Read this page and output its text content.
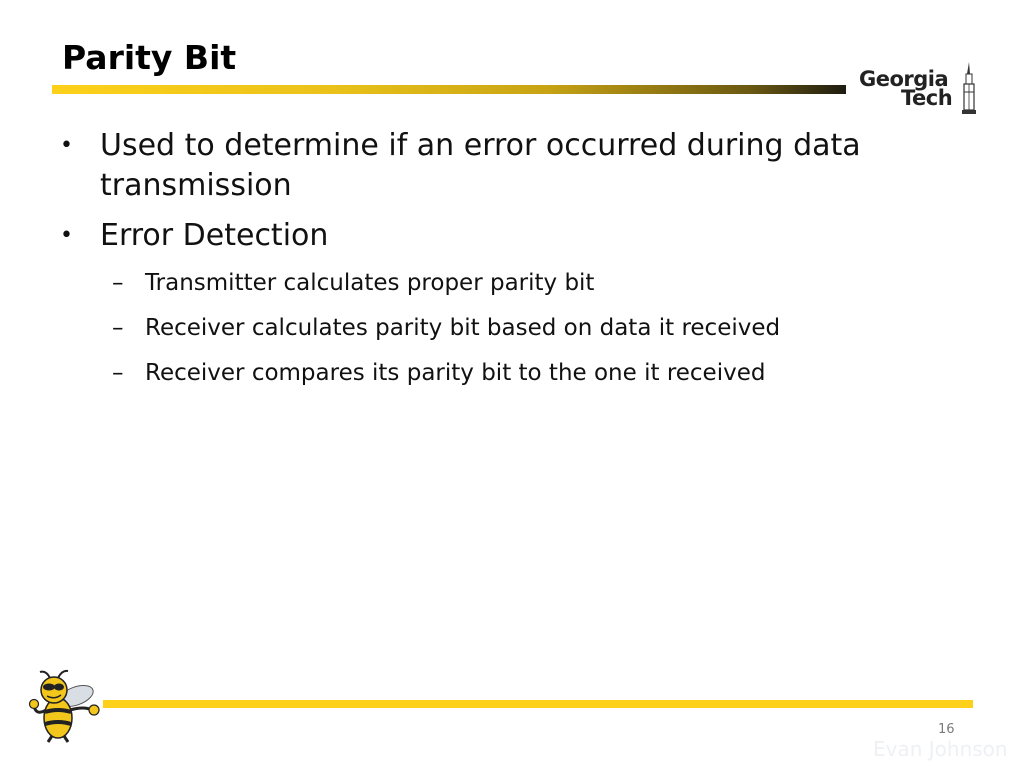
Parity Bit
Georgia
Tech
• Used to determine if an error occurred during data transmission
• Error Detection
– Transmitter calculates proper parity bit
– Receiver calculates parity bit based on data it received
– Receiver compares its parity bit to the one it received
16
Evan Johnson
